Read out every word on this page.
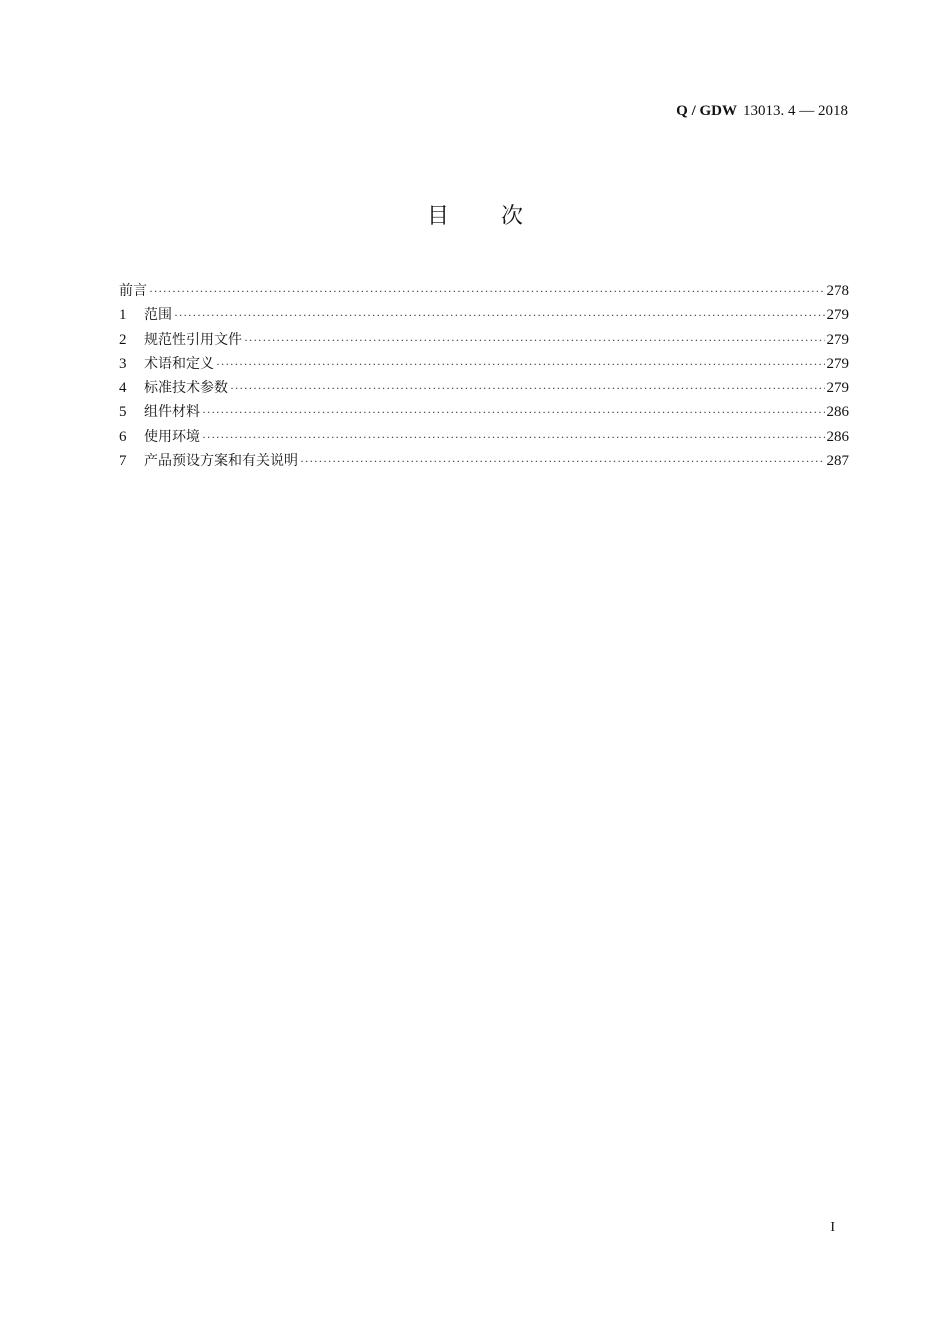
Q / GDW 13013. 4 — 2018
目 次
前言 ·····	278
1	范围 ·····	279
2	规范性引用文件 ·····	279
3	术语和定义 ·····	279
4	标准技术参数 ·····	279
5	组件材料 ·····	286
6	使用环境 ·····	286
7	产品预设方案和有关说明 ·····	287
I
